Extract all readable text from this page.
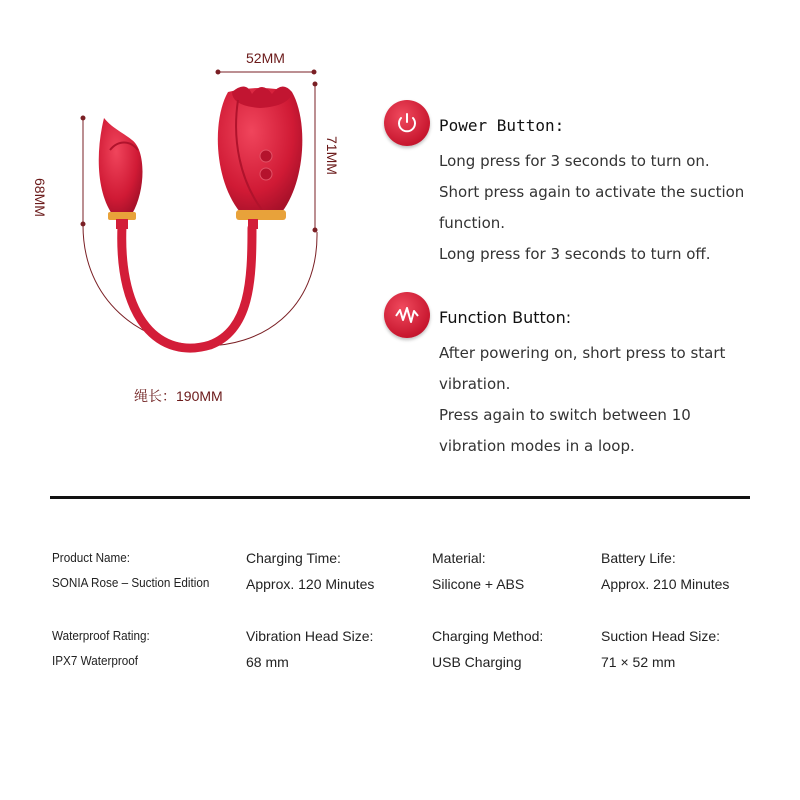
52MM
68MM
71MM
绳长：190MM
Power Button:
Long press for 3 seconds to turn on.
Short press again to activate the suction
function.
Long press for 3 seconds to turn off.
Function Button:
After powering on, short press to start
vibration.
Press again to switch between 10
vibration modes in a loop.
Product Name:
SONIA Rose – Suction Edition
Charging Time:
Approx. 120 Minutes
Material:
Silicone + ABS
Battery Life:
Approx. 210 Minutes
Waterproof Rating:
IPX7 Waterproof
Vibration Head Size:
68 mm
Charging Method:
USB Charging
Suction Head Size:
71 × 52 mm
